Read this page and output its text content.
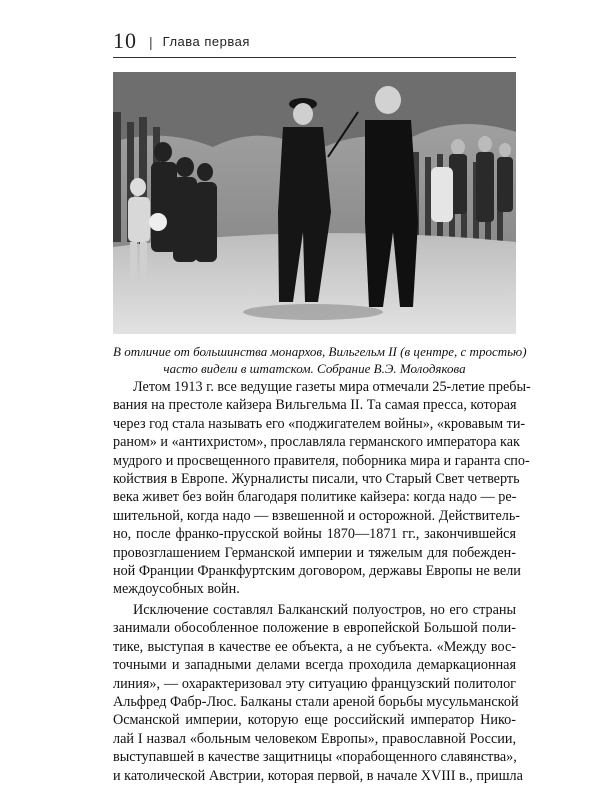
10 | Глава первая
В отличие от большинства монархов, Вильгельм II (в центре, с тростью)
часто видели в штатском. Собрание В.Э. Молодякова
Летом 1913 г. все ведущие газеты мира отмечали 25-летие пребы-
вания на престоле кайзера Вильгельма II. Та самая пресса, которая
через год стала называть его «поджигателем войны», «кровавым ти-
раном» и «антихристом», прославляла германского императора как
мудрого и просвещенного правителя, поборника мира и гаранта спо-
койствия в Европе. Журналисты писали, что Старый Свет четверть
века живет без войн благодаря политике кайзера: когда надо — ре-
шительной, когда надо — взвешенной и осторожной. Действитель-
но, после франко-прусской войны 1870—1871 гг., закончившейся
провозглашением Германской империи и тяжелым для побежден-
ной Франции Франкфуртским договором, державы Европы не вели
междоусобных войн.
Исключение составлял Балканский полуостров, но его страны
занимали обособленное положение в европейской Большой поли-
тике, выступая в качестве ее объекта, а не субъекта. «Между вос-
точными и западными делами всегда проходила демаркационная
линия», — охарактеризовал эту ситуацию французский политолог
Альфред Фабр-Люс. Балканы стали ареной борьбы мусульманской
Османской империи, которую еще российский император Нико-
лай I назвал «больным человеком Европы», православной России,
выступавшей в качестве защитницы «порабощенного славянства»,
и католической Австрии, которая первой, в начале XVIII в., пришла
